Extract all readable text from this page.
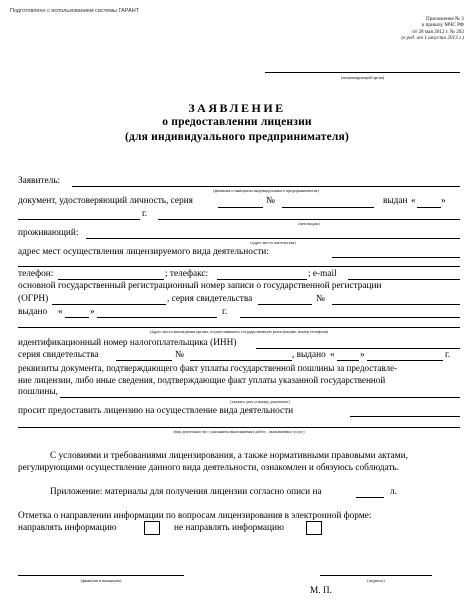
Подготовлено с использованием системы ГАРАНТ
Приложение № 2
к приказу МЧС РФ
от 28 мая 2012 г. № 292
(в ред. от 1 августа 2013 г.)
(лицензирующий орган)
ЗАЯВЛЕНИЕ
о предоставлении лицензии
(для индивидуального предпринимателя)
Заявитель:
(фамилия и инициалы индивидуального предпринимателя)
документ, удостоверяющий личность, серия	№	выдан «	»
г.
(кем выдан)
проживающий:
(адрес места жительства)
адрес мест осуществления лицензируемого вида деятельности:
телефон:	; телефакс:	; e-mail
основной государственный регистрационный номер записи о государственной регистрации
(ОГРН)	, серия свидетельства	№
выдано «	»	г.
(адрес места нахождения органа, осуществившего государственную регистрацию, номер телефона)
идентификационный номер налогоплательщика (ИНН)
серия свидетельства	№	, выдано «	»	г.
реквизиты документа, подтверждающего факт уплаты государственной пошлины за предоставле-
ние лицензии, либо иные сведения, подтверждающие факт уплаты указанной государственной
пошлины,
(указать дату и номер документа)
просит предоставить лицензию на осуществление вида деятельности
(вид деятельности с указанием выполняемых работ , оказываемых услуг)
С условиями и требованиями лицензирования, а также нормативными правовыми актами,
регулирующими осуществление данного вида деятельности, ознакомлен и обязуюсь соблюдать.
Приложение: материалы для получения лицензии согласно описи на	л.
Отметка о направлении информации по вопросам лицензирования в электронной форме:
направлять информацию	не направлять информацию
(фамилия и инициалы)	(подпись)
М. П.
